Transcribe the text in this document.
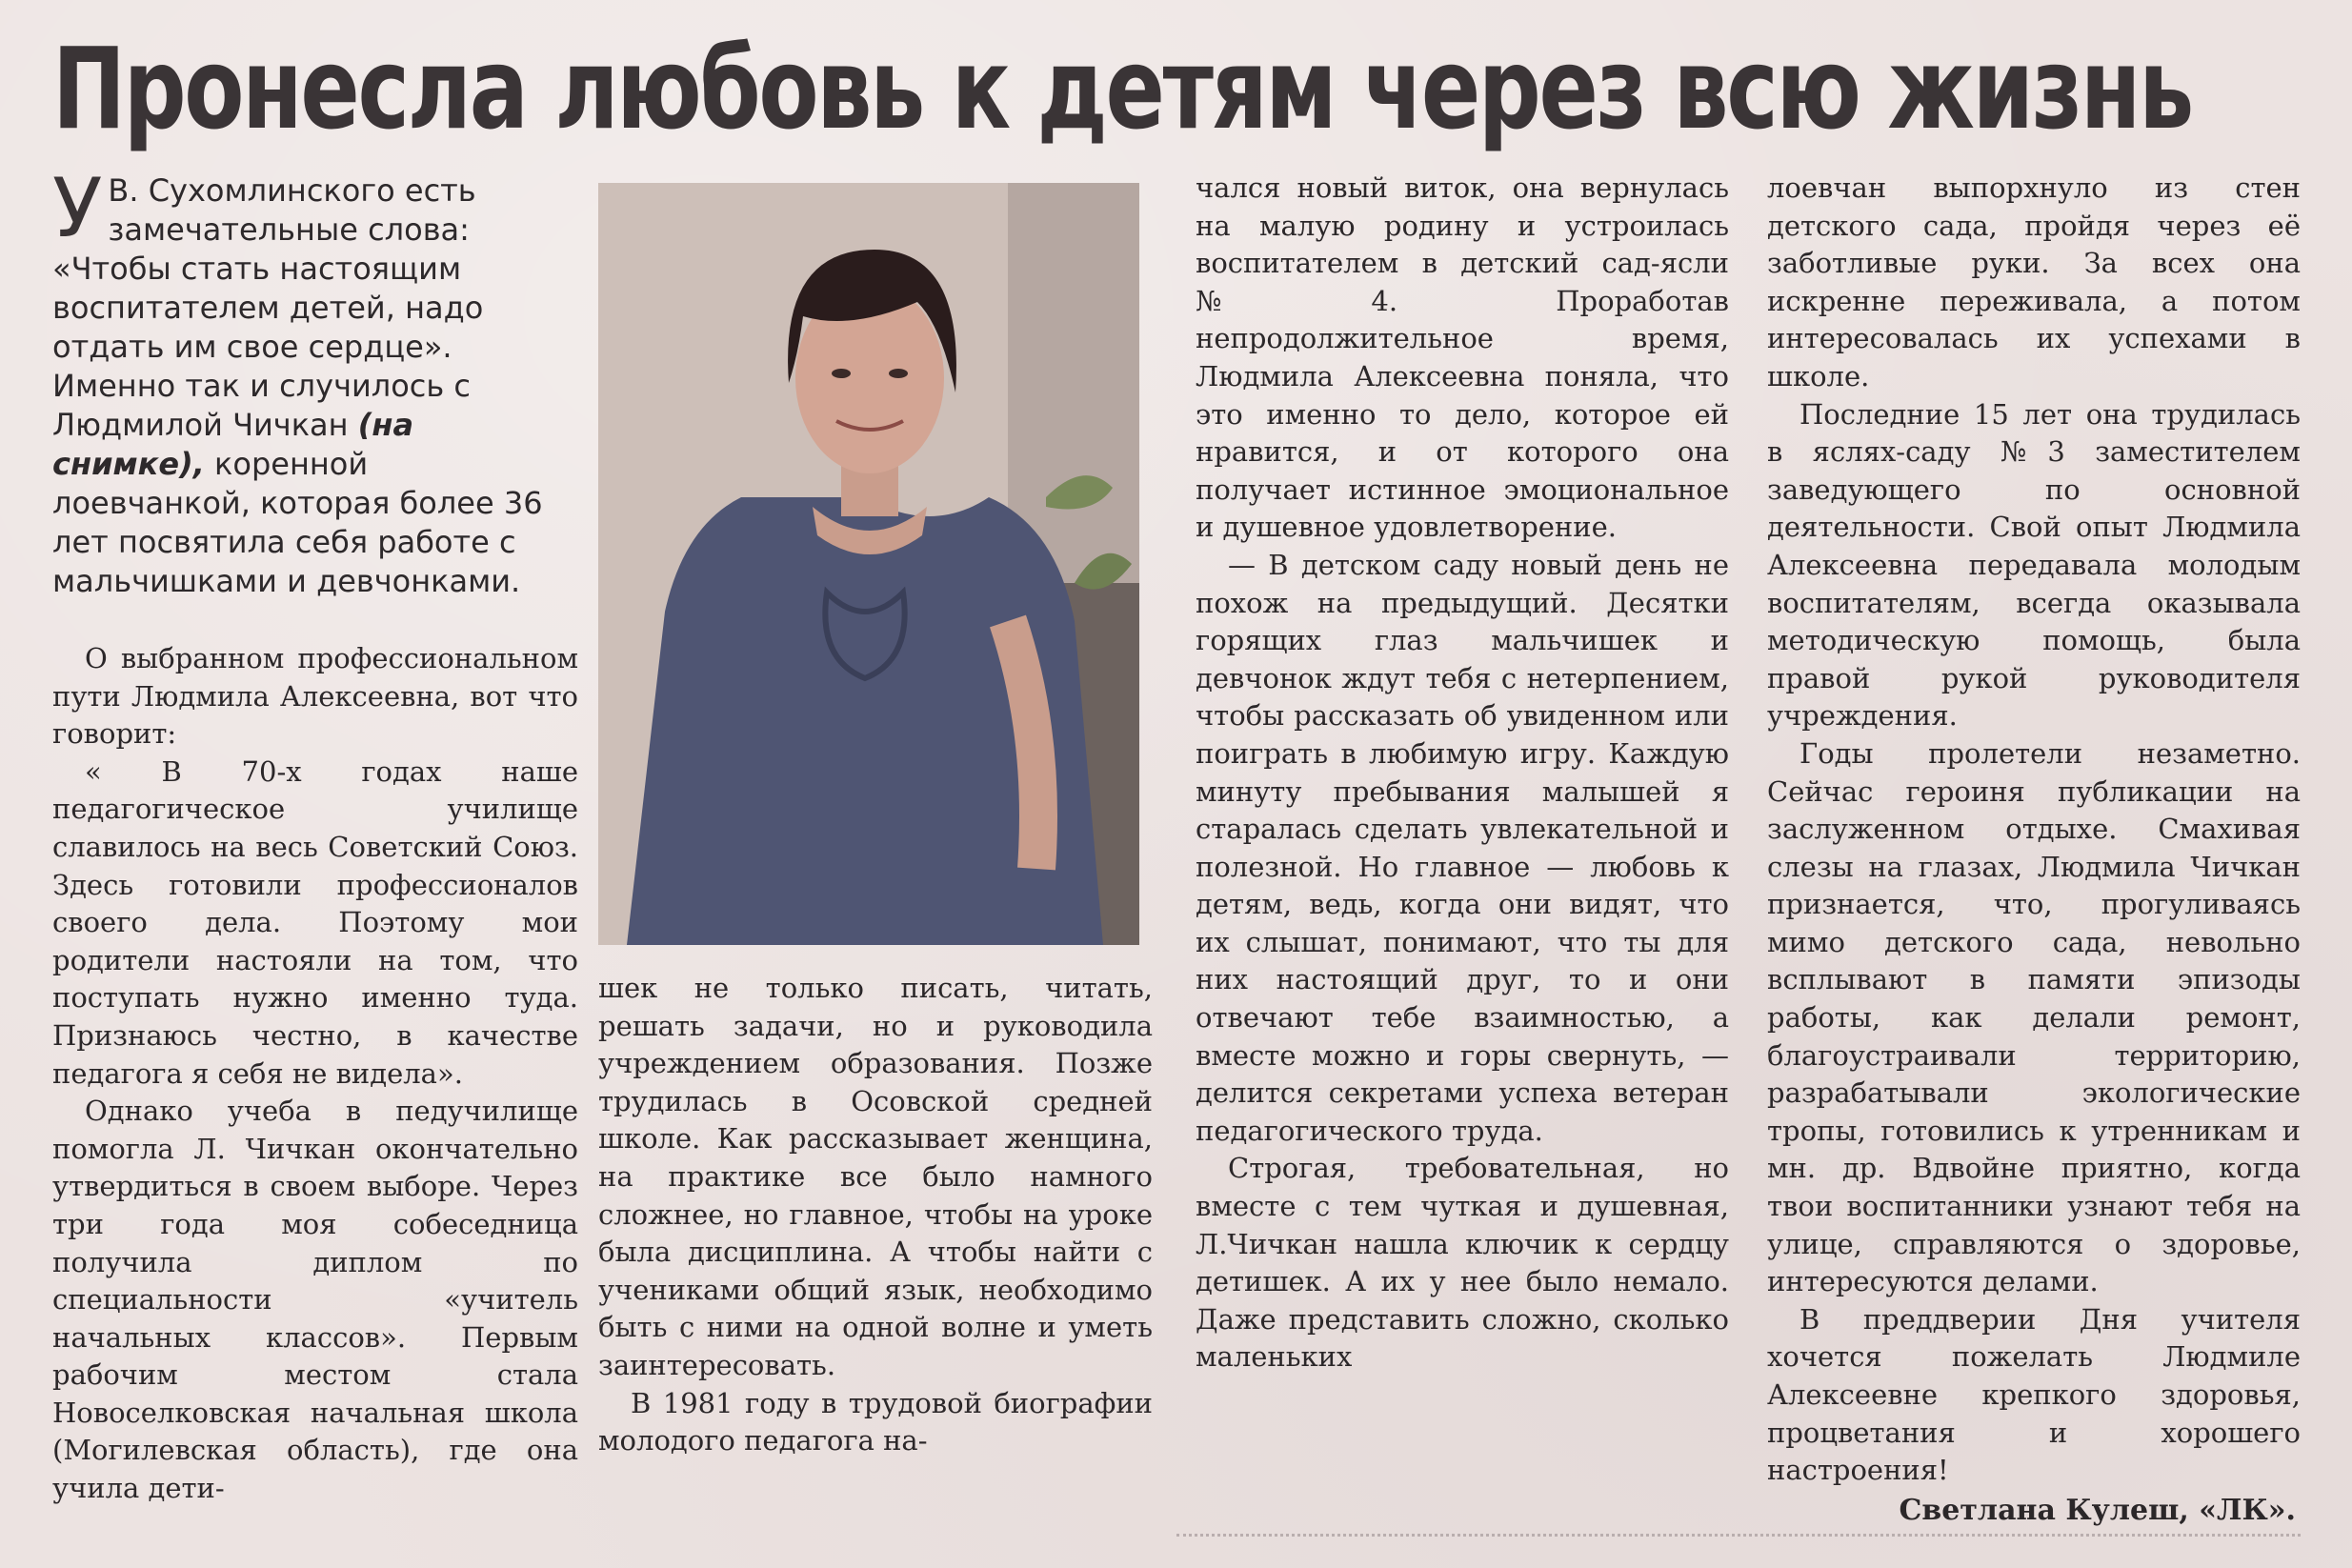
Пронесла любовь к детям через всю жизнь
У В. Сухомлинского есть замечательные слова: «Чтобы стать настоящим воспитателем детей, надо отдать им свое сердце». Именно так и случилось с Людмилой Чичкан (на снимке), коренной лоевчанкой, которая более 36 лет посвятила себя работе с мальчишками и девчонками.

О выбранном профессиональном пути Людмила Алексеевна, вот что говорит:

« В 70-х годах наше педагогическое училище славилось на весь Советский Союз. Здесь готовили профессионалов своего дела. Поэтому мои родители настояли на том, что поступать нужно именно туда. Признаюсь честно, в качестве педагога я себя не видела».

Однако учеба в педучилище помогла Л. Чичкан окончательно утвердиться в своем выборе. Через три года моя собеседница получила диплом по специальности «учитель начальных классов». Первым рабочим местом стала Новоселковская начальная школа (Могилевская область), где она учила дети-

шек не только писать, читать, решать задачи, но и руководила учреждением образования. Позже трудилась в Осовской средней школе. Как рассказывает женщина, на практике все было намного сложнее, но главное, чтобы на уроке была дисциплина. А чтобы найти с учениками общий язык, необходимо быть с ними на одной волне и уметь заинтересовать.

В 1981 году в трудовой биографии молодого педагога на-

чался новый виток, она вернулась на малую родину и устроилась воспитателем в детский сад-ясли №4. Проработав непродолжительное время, Людмила Алексеевна поняла, что это именно то дело, которое ей нравится, и от которого она получает истинное эмоциональное и душевное удовлетворение.

— В детском саду новый день не похож на предыдущий. Десятки горящих глаз мальчишек и девчонок ждут тебя с нетерпением, чтобы рассказать об увиденном или поиграть в любимую игру. Каждую минуту пребывания малышей я старалась сделать увлекательной и полезной. Но главное — любовь к детям, ведь, когда они видят, что их слышат, понимают, что ты для них настоящий друг, то и они отвечают тебе взаимностью, а вместе можно и горы свернуть, — делится секретами успеха ветеран педагогического труда.

Строгая, требовательная, но вместе с тем чуткая и душевная, Л.Чичкан нашла ключик к сердцу детишек. А их у нее было немало. Даже представить сложно, сколько маленьких

лоевчан выпорхнуло из стен детского сада, пройдя через её заботливые руки. За всех она искренне переживала, а потом интересовалась их успехами в школе.

Последние 15 лет она трудилась в яслях-саду №3 заместителем заведующего по основной деятельности. Свой опыт Людмила Алексеевна передавала молодым воспитателям, всегда оказывала методическую помощь, была правой рукой руководителя учреждения.

Годы пролетели незаметно. Сейчас героиня публикации на заслуженном отдыхе. Смахивая слезы на глазах, Людмила Чичкан признается, что, прогуливаясь мимо детского сада, невольно всплывают в памяти эпизоды работы, как делали ремонт, благоустраивали территорию, разрабатывали экологические тропы, готовились к утренникам и мн. др. Вдвойне приятно, когда твои воспитанники узнают тебя на улице, справляются о здоровье, интересуются делами.

В преддверии Дня учителя хочется пожелать Людмиле Алексеевне крепкого здоровья, процветания и хорошего настроения!

Светлана Кулеш, «ЛК».
